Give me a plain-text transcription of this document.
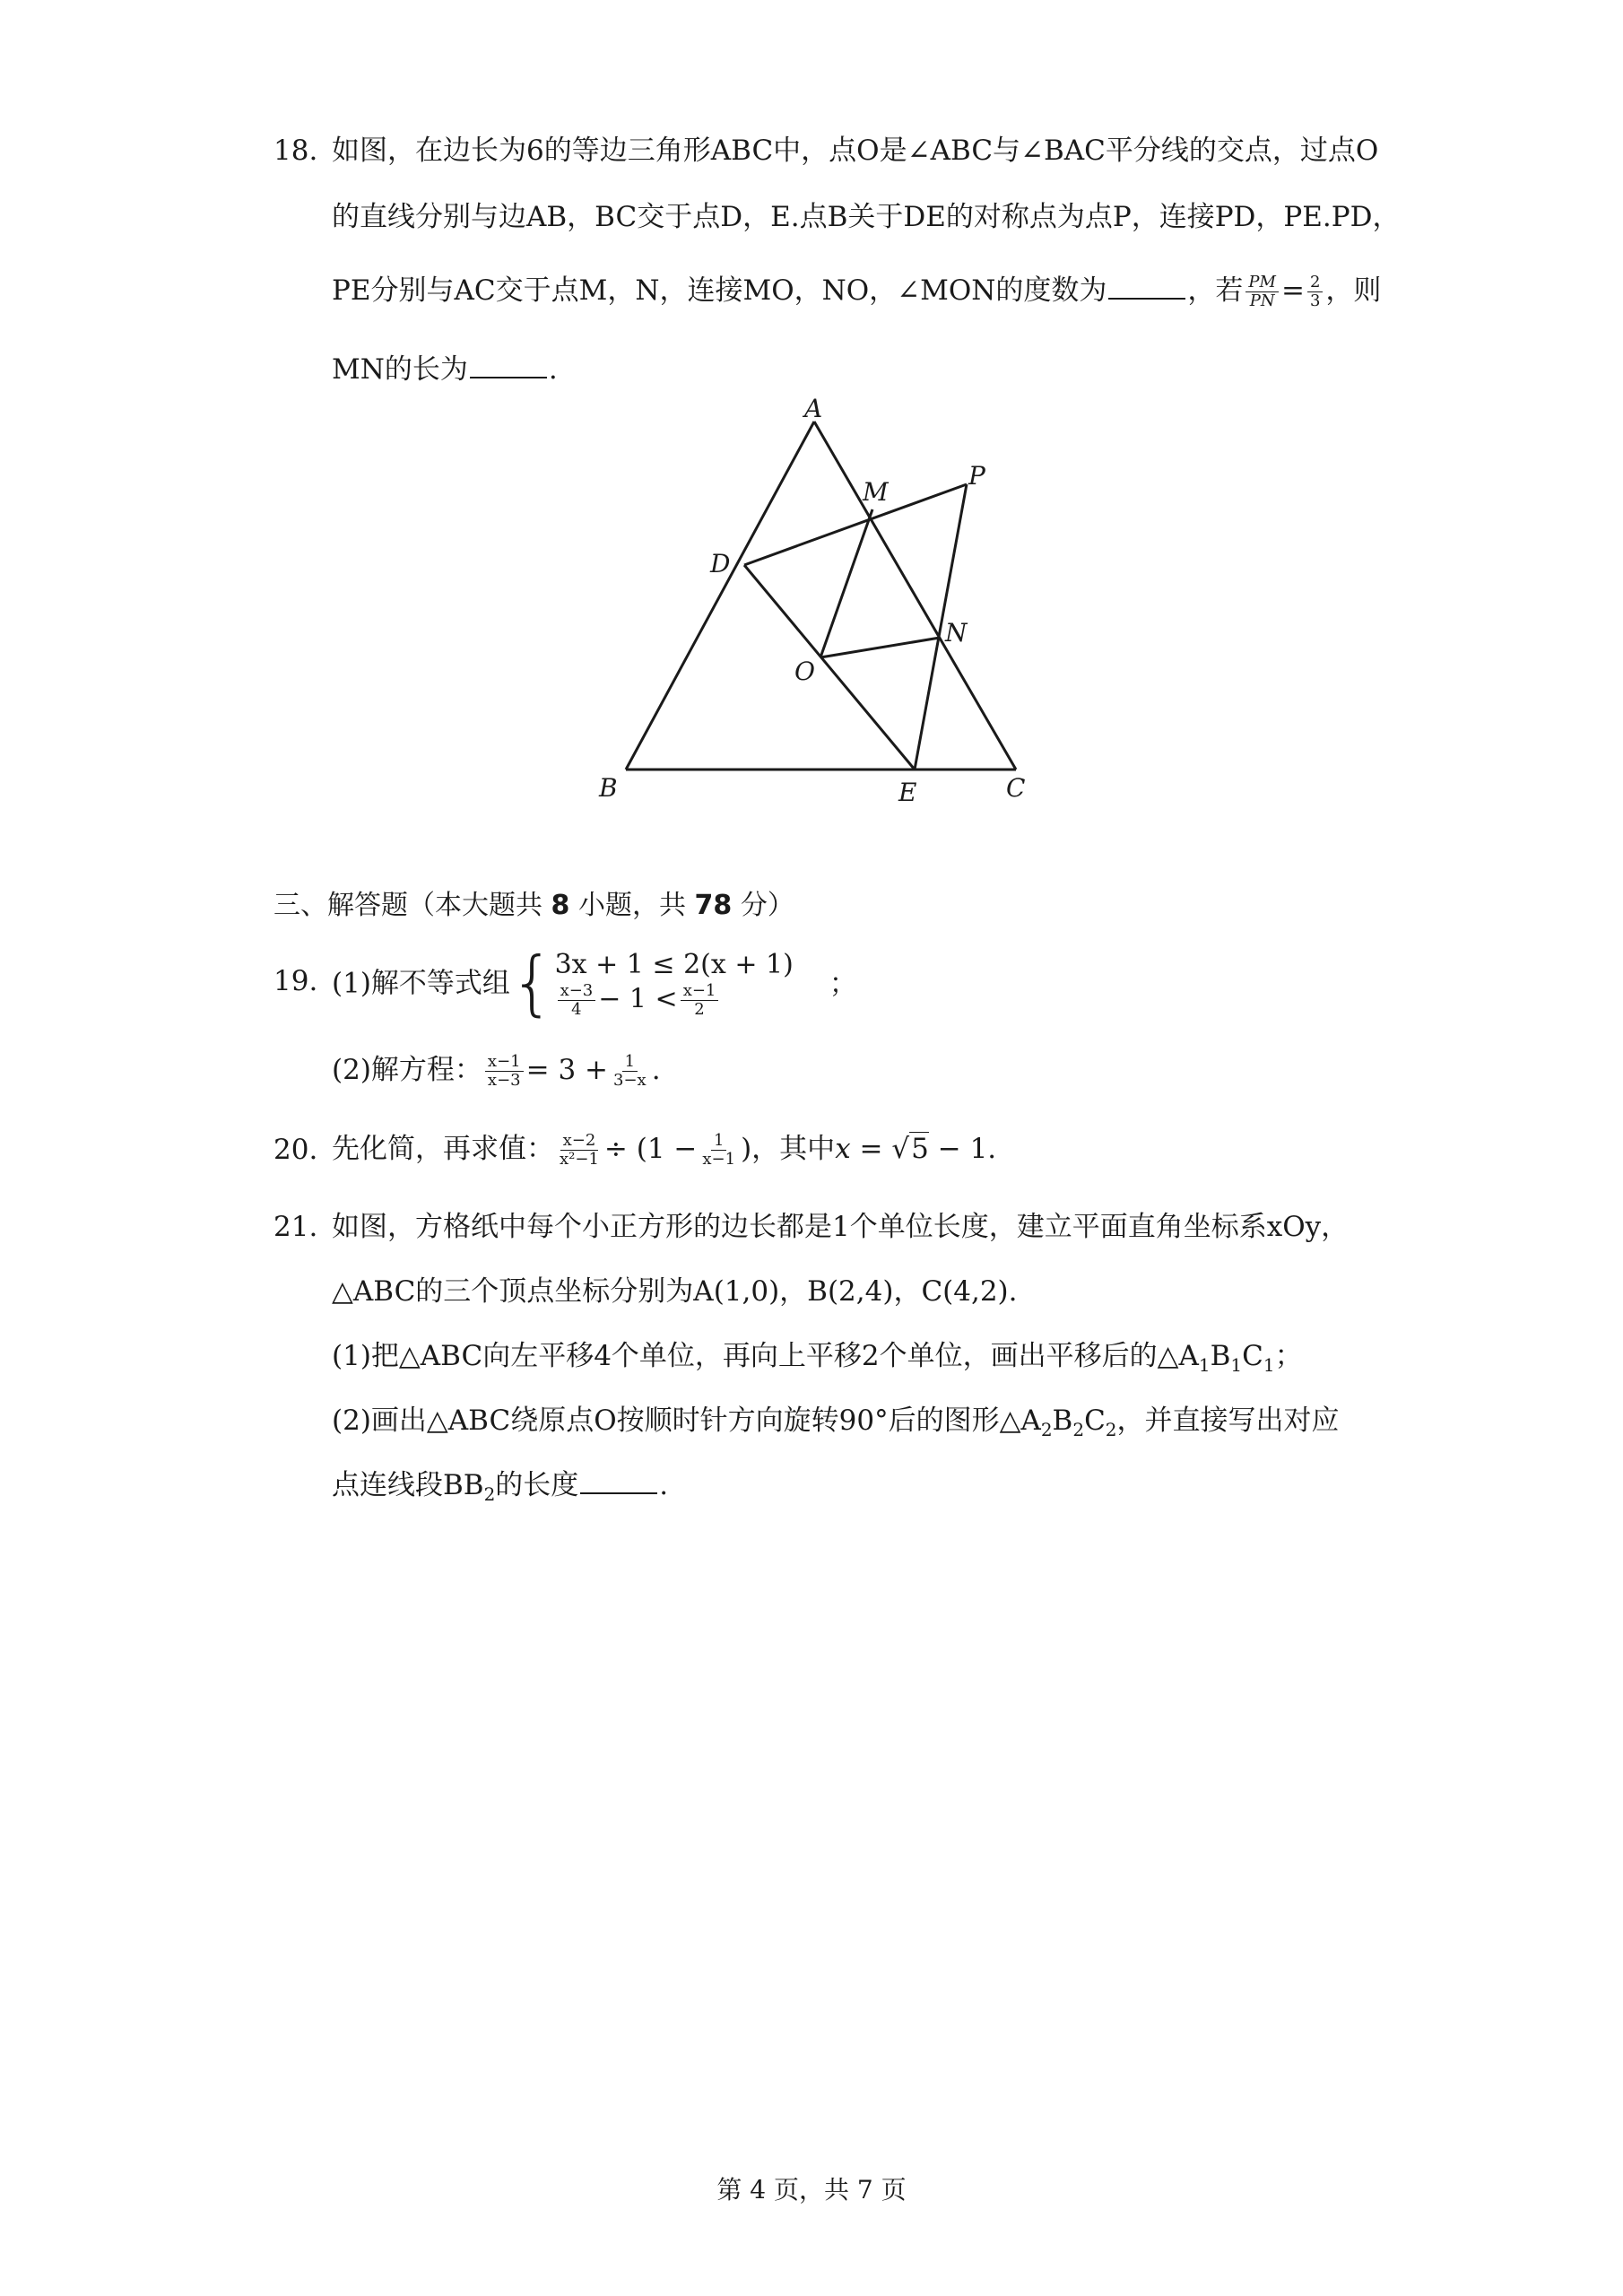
18. 如图，在边长为6的等边三角形ABC中，点O是∠ABC与∠BAC平分线的交点，过点O
的直线分别与边AB，BC交于点D，E.点B关于DE的对称点为点P，连接PD，PE.PD，
PE分别与AC交于点M，N，连接MO，NO，∠MON的度数为	，若 $\frac{PM}{PN} = \frac{2}{3}$ ，则
MN的长为	.
A
B	C
D
E
M
N
O
P
三、解答题（本大题共 8 小题，共 78 分）
19. (1)解不等式组{ 3x + 1 ≤ 2(x + 1)
$\frac{x-3}{4} - 1 < \frac{x-1}{2}$	；
(2)解方程： $\frac{x-1}{x-3} = 3 + \frac{1}{3-x}$ .
20. 先化简，再求值： $\frac{x-2}{\text{x²−1}} \div (1 - \frac{1}{x-1}$ )，其中x = √5 − 1.
21. 如图，方格纸中每个小正方形的边长都是1个单位长度，建立平面直角坐标系xOy，
△ABC的三个顶点坐标分别为A(1,0)，B(2,4)，C(4,2).
(1)把△ABC向左平移4个单位，再向上平移2个单位，画出平移后的$\triangle A_1B_1C_1$；
(2)画出△ABC绕原点O按顺时针方向旋转90°后的图形$\triangle A_2B_2C_2$，并直接写出对应
点连线段$BB_2$的长度	.
第 4 页，共 7 页
